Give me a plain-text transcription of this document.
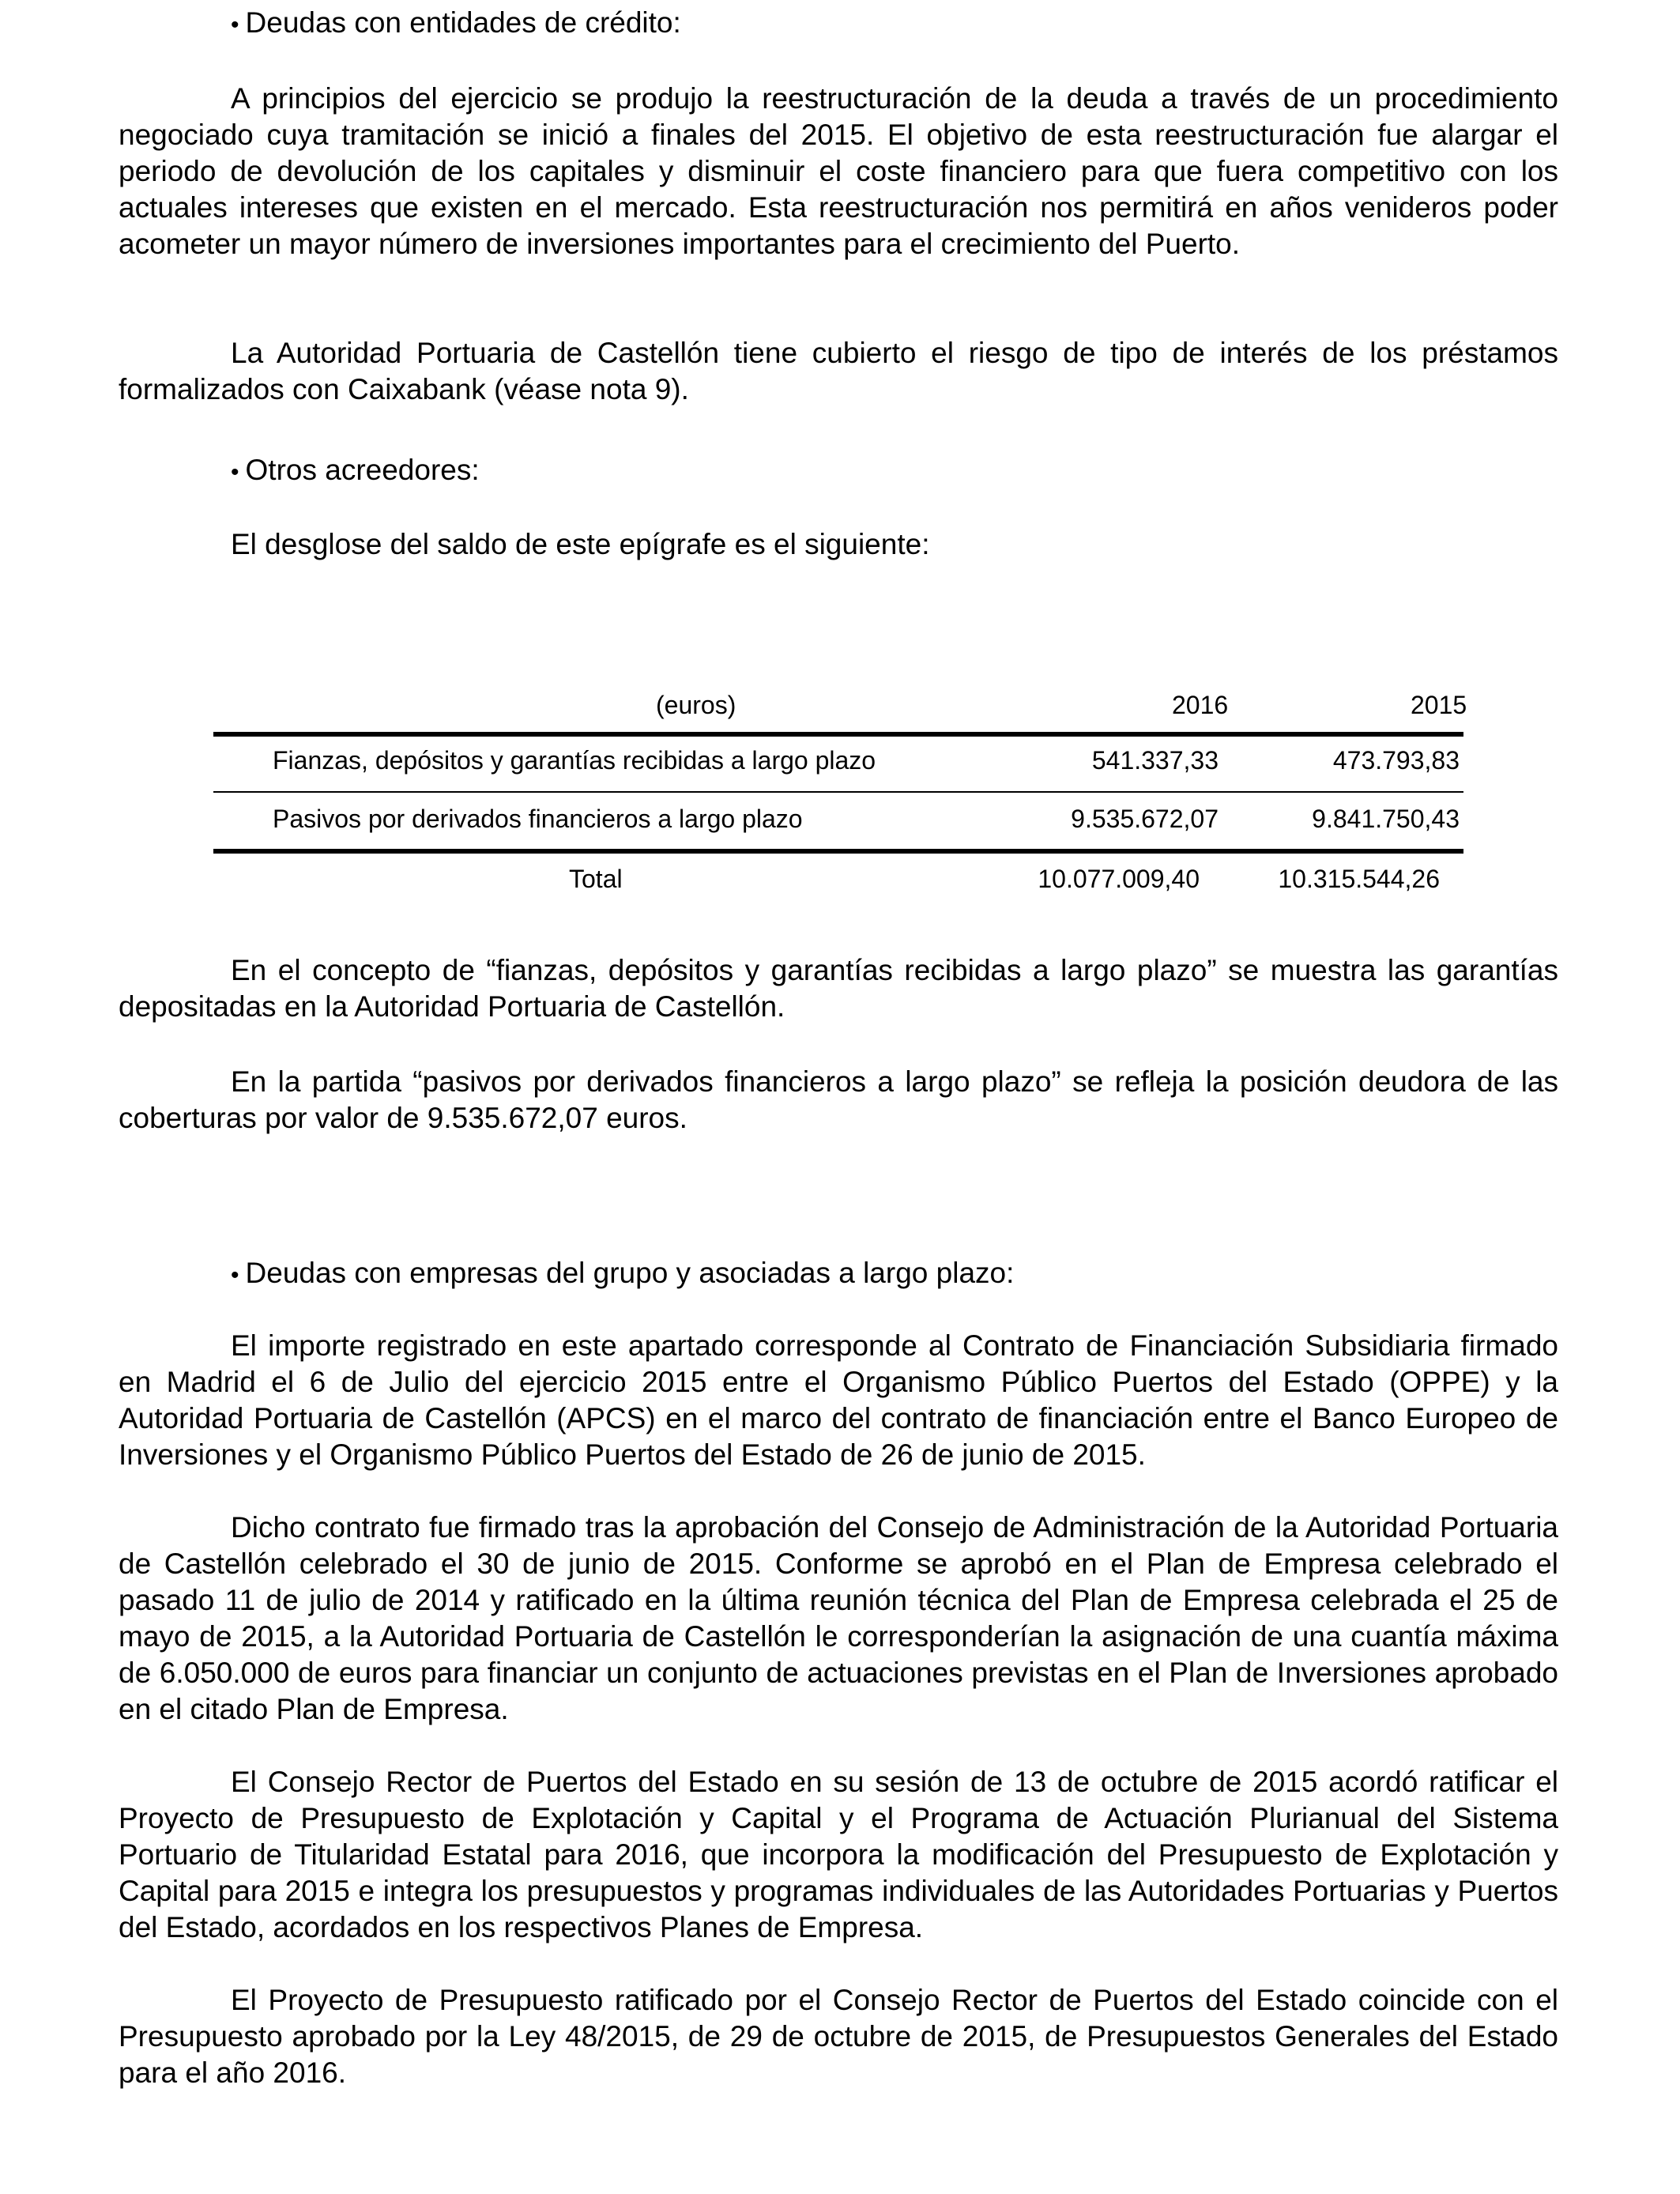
• Deudas con entidades de crédito:

A principios del ejercicio se produjo la reestructuración de la deuda a través de un procedimiento negociado cuya tramitación se inició a finales del 2015. El objetivo de esta reestructuración fue alargar el periodo de devolución de los capitales y disminuir el coste financiero para que fuera competitivo con los actuales intereses que existen en el mercado. Esta reestructuración nos permitirá en años venideros poder acometer un mayor número de inversiones importantes para el crecimiento del Puerto.

La Autoridad Portuaria de Castellón tiene cubierto el riesgo de tipo de interés de los préstamos formalizados con Caixabank (véase nota 9).

• Otros acreedores:
El desglose del saldo de este epígrafe es el siguiente:
(euros)	2016	2015
Fianzas, depósitos y garantías recibidas a largo plazo	541.337,33	473.793,83
Pasivos por derivados financieros a largo plazo	9.535.672,07	9.841.750,43
Total	10.077.009,40	10.315.544,26

En el concepto de “fianzas, depósitos y garantías recibidas a largo plazo” se muestra las garantías depositadas en la Autoridad Portuaria de Castellón.

En la partida “pasivos por derivados financieros a largo plazo” se refleja la posición deudora de las coberturas por valor de 9.535.672,07 euros.

• Deudas con empresas del grupo y asociadas a largo plazo:

El importe registrado en este apartado corresponde al Contrato de Financiación Subsidiaria firmado en Madrid el 6 de Julio del ejercicio 2015 entre el Organismo Público Puertos del Estado (OPPE) y la Autoridad Portuaria de Castellón (APCS) en el marco del contrato de financiación entre el Banco Europeo de Inversiones y el Organismo Público Puertos del Estado de 26 de junio de 2015.

Dicho contrato fue firmado tras la aprobación del Consejo de Administración de la Autoridad Portuaria de Castellón celebrado el 30 de junio de 2015. Conforme se aprobó en el Plan de Empresa celebrado el pasado 11 de julio de 2014 y ratificado en la última reunión técnica del Plan de Empresa celebrada el 25 de mayo de 2015, a la Autoridad Portuaria de Castellón le corresponderían la asignación de una cuantía máxima de 6.050.000 de euros para financiar un conjunto de actuaciones previstas en el Plan de Inversiones aprobado en el citado Plan de Empresa.

El Consejo Rector de Puertos del Estado en su sesión de 13 de octubre de 2015 acordó ratificar el Proyecto de Presupuesto de Explotación y Capital y el Programa de Actuación Plurianual del Sistema Portuario de Titularidad Estatal para 2016, que incorpora la modificación del Presupuesto de Explotación y Capital para 2015 e integra los presupuestos y programas individuales de las Autoridades Portuarias y Puertos del Estado, acordados en los respectivos Planes de Empresa.

El Proyecto de Presupuesto ratificado por el Consejo Rector de Puertos del Estado coincide con el Presupuesto aprobado por la Ley 48/2015, de 29 de octubre de 2015, de Presupuestos Generales del Estado para el año 2016.
